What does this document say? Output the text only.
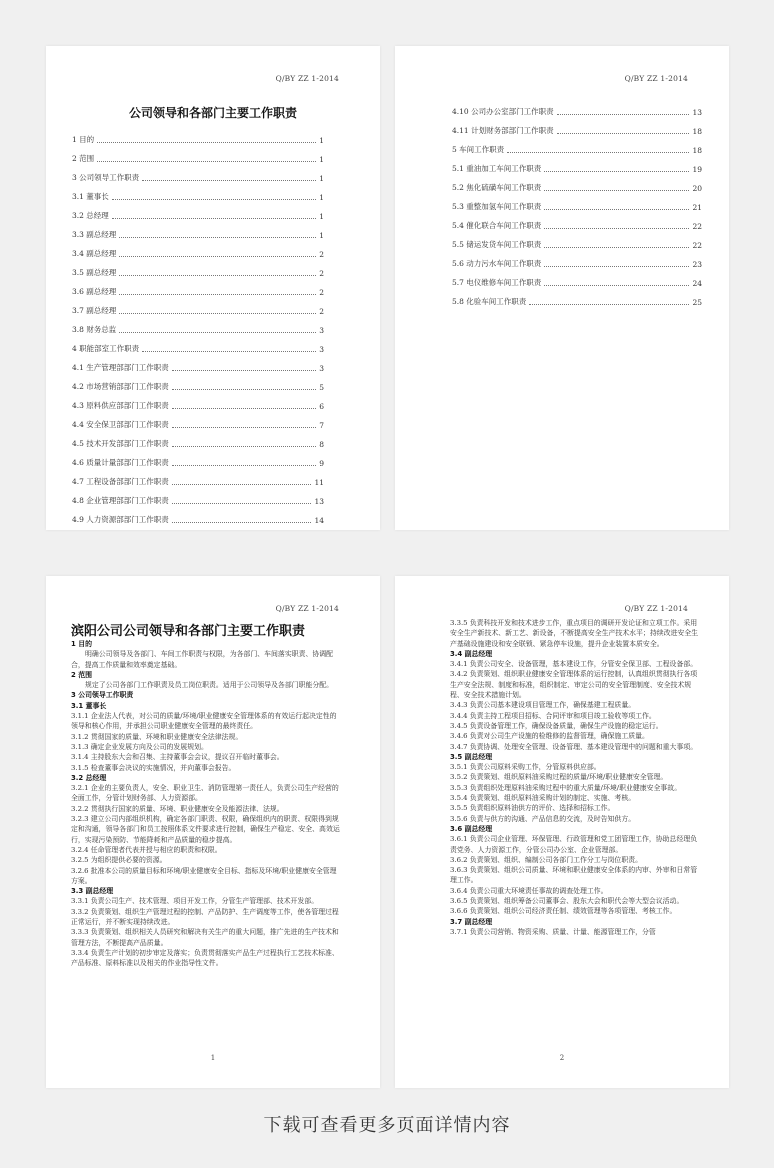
Q/BY ZZ 1-2014
公司领导和各部门主要工作职责
1 目的	1
2 范围	1
3 公司领导工作职责	1
3.1 董事长	1
3.2 总经理	1
3.3 副总经理	1
3.4 副总经理	2
3.5 副总经理	2
3.6 副总经理	2
3.7 副总经理	2
3.8 财务总监	3
4 职能部室工作职责	3
4.1 生产管理部部门工作职责	3
4.2 市场营销部部门工作职责	5
4.3 原料供应部部门工作职责	6
4.4 安全保卫部部门工作职责	7
4.5 技术开发部部门工作职责	8
4.6 质量计量部部门工作职责	9
4.7 工程设备部部门工作职责	11
4.8 企业管理部部门工作职责	13
4.9 人力资源部部门工作职责	14
Q/BY ZZ 1-2014
4.10 公司办公室部门工作职责	13
4.11 计划财务部部门工作职责	18
5 车间工作职责	18
5.1 重油加工车间工作职责	19
5.2 焦化硫磺车间工作职责	20
5.3 重整加氢车间工作职责	21
5.4 催化联合车间工作职责	22
5.5 储运发货车间工作职责	22
5.6 动力污水车间工作职责	23
5.7 电仪维修车间工作职责	24
5.8 化验车间工作职责	25
Q/BY ZZ 1-2014
滨阳公司公司领导和各部门主要工作职责

1 目的

明确公司领导及各部门、车间工作职责与权限，为各部门、车间落实职责、协调配合，提高工作质量和效率奠定基础。

2 范围

规定了公司各部门工作职责及员工岗位职责。适用于公司领导及各部门职能分配。

3 公司领导工作职责

3.1 董事长

3.1.1 企业法人代表，对公司的质量/环境/职业健康安全管理体系的有效运行起决定性的领导和核心作用，并承担公司职业健康安全管理的最终责任。

3.1.2 贯彻国家的质量、环境和职业健康安全法律法规。

3.1.3 确定企业发展方向及公司的发展规划。

3.1.4 主持股东大会和召集、主持董事会会议，提议召开临时董事会。

3.1.5 检查董事会决议的实施情况，并向董事会报告。

3.2 总经理

3.2.1 企业的主要负责人，安全、职业卫生、消防管理第一责任人，负责公司生产经营的全面工作，分管计划财务部、人力资源部。

3.2.2 贯彻执行国家的质量、环境、职业健康安全及能源法律、法规。

3.2.3 建立公司内部组织机构，确定各部门职责、权限，确保组织内的职责、权限得到规定和沟通，领导各部门和员工按照体系文件要求进行控制，确保生产稳定、安全、高效运行，实现污染预防、节能降耗和产品质量的稳步提高。

3.2.4 任命管理者代表并授与相应的职责和权限。

3.2.5 为组织提供必要的资源。

3.2.6 批准本公司的质量目标和环境/职业健康安全目标、指标及环境/职业健康安全管理方案。

3.3 副总经理

3.3.1 负责公司生产、技术管理、项目开发工作，分管生产管理部、技术开发部。

3.3.2 负责策划、组织生产管理过程的控制、产品防护、生产调度等工作，使各管理过程正常运行，并不断实现持续改进。

3.3.3 负责策划、组织相关人员研究和解决有关生产的重大问题，推广先进的生产技术和管理方法，不断提高产品质量。

3.3.4 负责生产计划的初步审定及落实；负责贯彻落实产品生产过程执行工艺技术标准、产品标准、原料标准以及相关的作业指导性文件。

1
Q/BY ZZ 1-2014

3.3.5 负责科技开发和技术进步工作，重点项目的调研开发论证和立项工作。采用安全生产新技术、新工艺、新设备，不断提高安全生产技术水平；持续改进安全生产基础设施建设和安全联锁、紧急停车设施，提升企业装置本质安全。

3.4 副总经理

3.4.1 负责公司安全、设备管理，基本建设工作，分管安全保卫部、工程设备部。

3.4.2 负责策划、组织职业健康安全管理体系的运行控制，认真组织贯彻执行各项生产安全法规、制度和标准，组织制定、审定公司的安全管理制度、安全技术规程、安全技术措施计划。

3.4.3 负责公司基本建设项目管理工作，确保基建工程质量。

3.4.4 负责主持工程项目招标、合同评审和项目竣工验收等项工作。

3.4.5 负责设备管理工作，确保设备质量，确保生产设施的稳定运行。

3.4.6 负责对公司生产设施的检维修的监督管理，确保施工质量。

3.4.7 负责协调、处理安全管理、设备管理、基本建设管理中的问题和重大事项。

3.5 副总经理

3.5.1 负责公司原料采购工作，分管原料供应部。

3.5.2 负责策划、组织原料油采购过程的质量/环境/职业健康安全管理。

3.5.3 负责组织处理原料油采购过程中的重大质量/环境/职业健康安全事故。

3.5.4 负责策划、组织原料油采购计划的制定、实施、考核。

3.5.5 负责组织原料油供方的评价、选择和招标工作。

3.5.6 负责与供方的沟通、产品信息的交流，及时告知供方。

3.6 副总经理

3.6.1 负责公司企业管理、环保管理、行政管理和党工团管理工作，协助总经理负责党务、人力资源工作，分管公司办公室、企业管理部。

3.6.2 负责策划、组织、编制公司各部门工作分工与岗位职责。

3.6.3 负责策划、组织公司质量、环境和职业健康安全体系的内审、外审和日常管理工作。

3.6.4 负责公司重大环境责任事故的调查处理工作。

3.6.5 负责策划、组织筹备公司董事会、股东大会和职代会等大型会议活动。

3.6.6 负责策划、组织公司经济责任制、绩效管理等各项管理、考核工作。

3.7 副总经理

3.7.1 负责公司营销、物资采购、质量、计量、能源管理工作，分管

2
下载可查看更多页面详情内容
